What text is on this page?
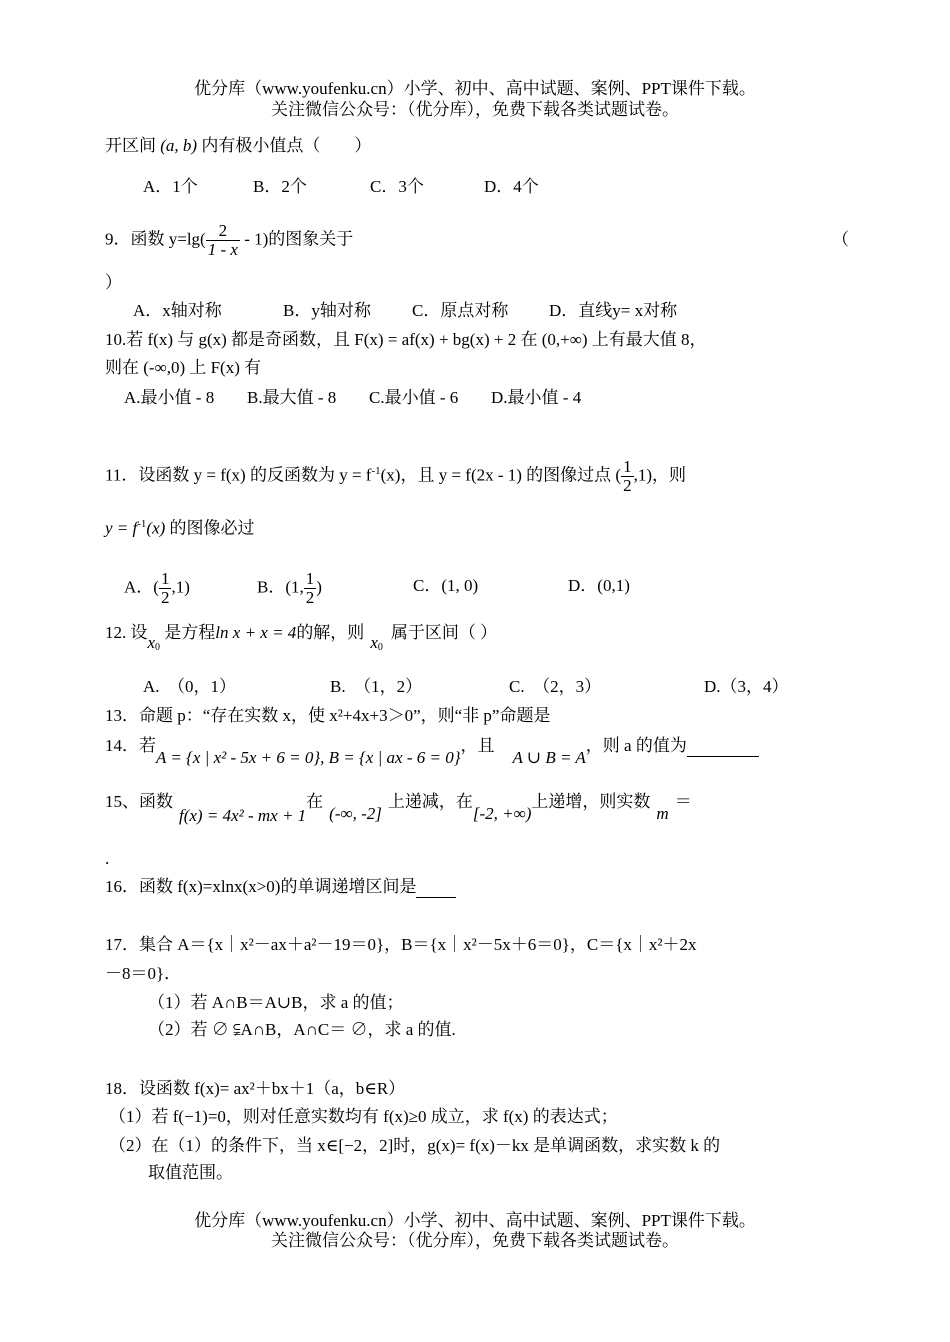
优分库（www.youfenku.cn）小学、初中、高中试题、案例、PPT课件下载。
关注微信公众号：（优分库），免费下载各类试题试卷。
开区间 (a, b) 内有极小值点（　　）
A．1个	B．2个	C．3个	D．4个
9．函数 $y=\lg( \frac{2}{1 - x} - 1)$的图象关于	（
）
A．x轴对称	B．y轴对称 C．原点对称 D．直线y= x对称
10.若 f(x) 与 g(x) 都是奇函数，且 F(x) = af(x) + bg(x) + 2 在 (0,+∞) 上有最大值 8，
则在 (-∞,0) 上 F(x) 有
A.最小值 - 8 B.最大值 - 8 C.最小值 - 6 D.最小值 - 4
11．设函数 y = f(x) 的反函数为 $y = f^{-1}(x)$，且 y = f(2x - 1) 的图像过点 ( $\frac{1}{2} ,1$)，则
$y = f^{-1}(x)$ 的图像必过
A．( $\frac{1}{2} ,1$)	B．(1, $\frac{1}{2}$ )	C．(1, 0)	D．(0,1)
12. 设$x_0$ 是方程ln x + x = 4的解，则$x_0$属于区间（ ）
A.　（0，1）	B.　（1，2）	C.　（2，3）	D.（3，4）
13．命题 p：“存在实数 x，使 x²+4x+3＞0”，则“非 p”命题是
14．若A = {x | x² - 5x + 6 = 0}, B = {x | ax - 6 = 0}，且A ∪ B = A，则 a 的值为
15、函数f(x) = 4x² - mx + 1在(-∞, -2]上递减，在[-2, +∞)上递增，则实数m＝
.
16．函数 f(x)=xlnx(x>0)的单调递增区间是
17．集合 A＝{x｜x²－ax＋a²－19＝0}，B＝{x｜x²－5x＋6＝0}，C＝{x｜x²＋2x
－8＝0}．
（1）若 A∩B＝A∪B，求 a 的值；
（2）若 ∅ ⫋A∩B，A∩C＝ ∅，求 a 的值.
18．设函数 f(x)= ax²＋bx＋1（a，b∈R）
（1）若 f(−1)=0，则对任意实数均有 f(x)≥0 成立，求 f(x) 的表达式；
（2）在（1）的条件下，当 x∈[−2，2]时，g(x)= f(x)－kx 是单调函数，求实数 k 的
取值范围。
优分库（www.youfenku.cn）小学、初中、高中试题、案例、PPT课件下载。
关注微信公众号：（优分库），免费下载各类试题试卷。
